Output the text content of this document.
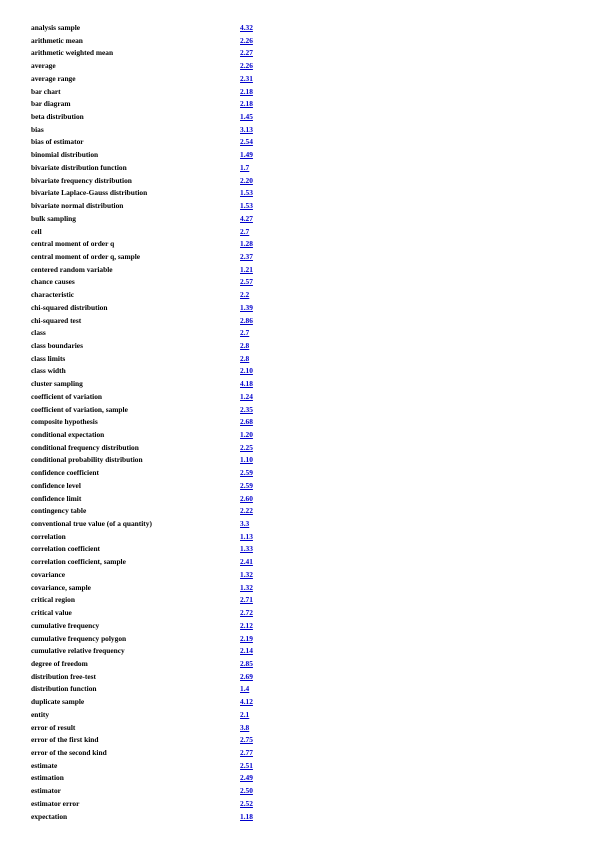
analysis sample	4.32
arithmetic mean	2.26
arithmetic weighted mean	2.27
average	2.26
average range	2.31
bar chart	2.18
bar diagram	2.18
beta distribution	1.45
bias	3.13
bias of estimator	2.54
binomial distribution	1.49
bivariate distribution function	1.7
bivariate frequency distribution	2.20
bivariate Laplace-Gauss distribution	1.53
bivariate normal distribution	1.53
bulk sampling	4.27
cell	2.7
central moment of order q	1.28
central moment of order q, sample	2.37
centered random variable	1.21
chance causes	2.57
characteristic	2.2
chi-squared distribution	1.39
chi-squared test	2.86
class	2.7
class boundaries	2.8
class limits	2.8
class width	2.10
cluster sampling	4.18
coefficient of variation	1.24
coefficient of variation, sample	2.35
composite hypothesis	2.68
conditional expectation	1.20
conditional frequency distribution	2.25
conditional probability distribution	1.10
confidence coefficient	2.59
confidence level	2.59
confidence limit	2.60
contingency table	2.22
conventional true value (of a quantity)	3.3
correlation	1.13
correlation coefficient	1.33
correlation coefficient, sample	2.41
covariance	1.32
covariance, sample	1.32
critical region	2.71
critical value	2.72
cumulative frequency	2.12
cumulative frequency polygon	2.19
cumulative relative frequency	2.14
degree of freedom	2.85
distribution free-test	2.69
distribution function	1.4
duplicate sample	4.12
entity	2.1
error of result	3.8
error of the first kind	2.75
error of the second kind	2.77
estimate	2.51
estimation	2.49
estimator	2.50
estimator error	2.52
expectation	1.18
